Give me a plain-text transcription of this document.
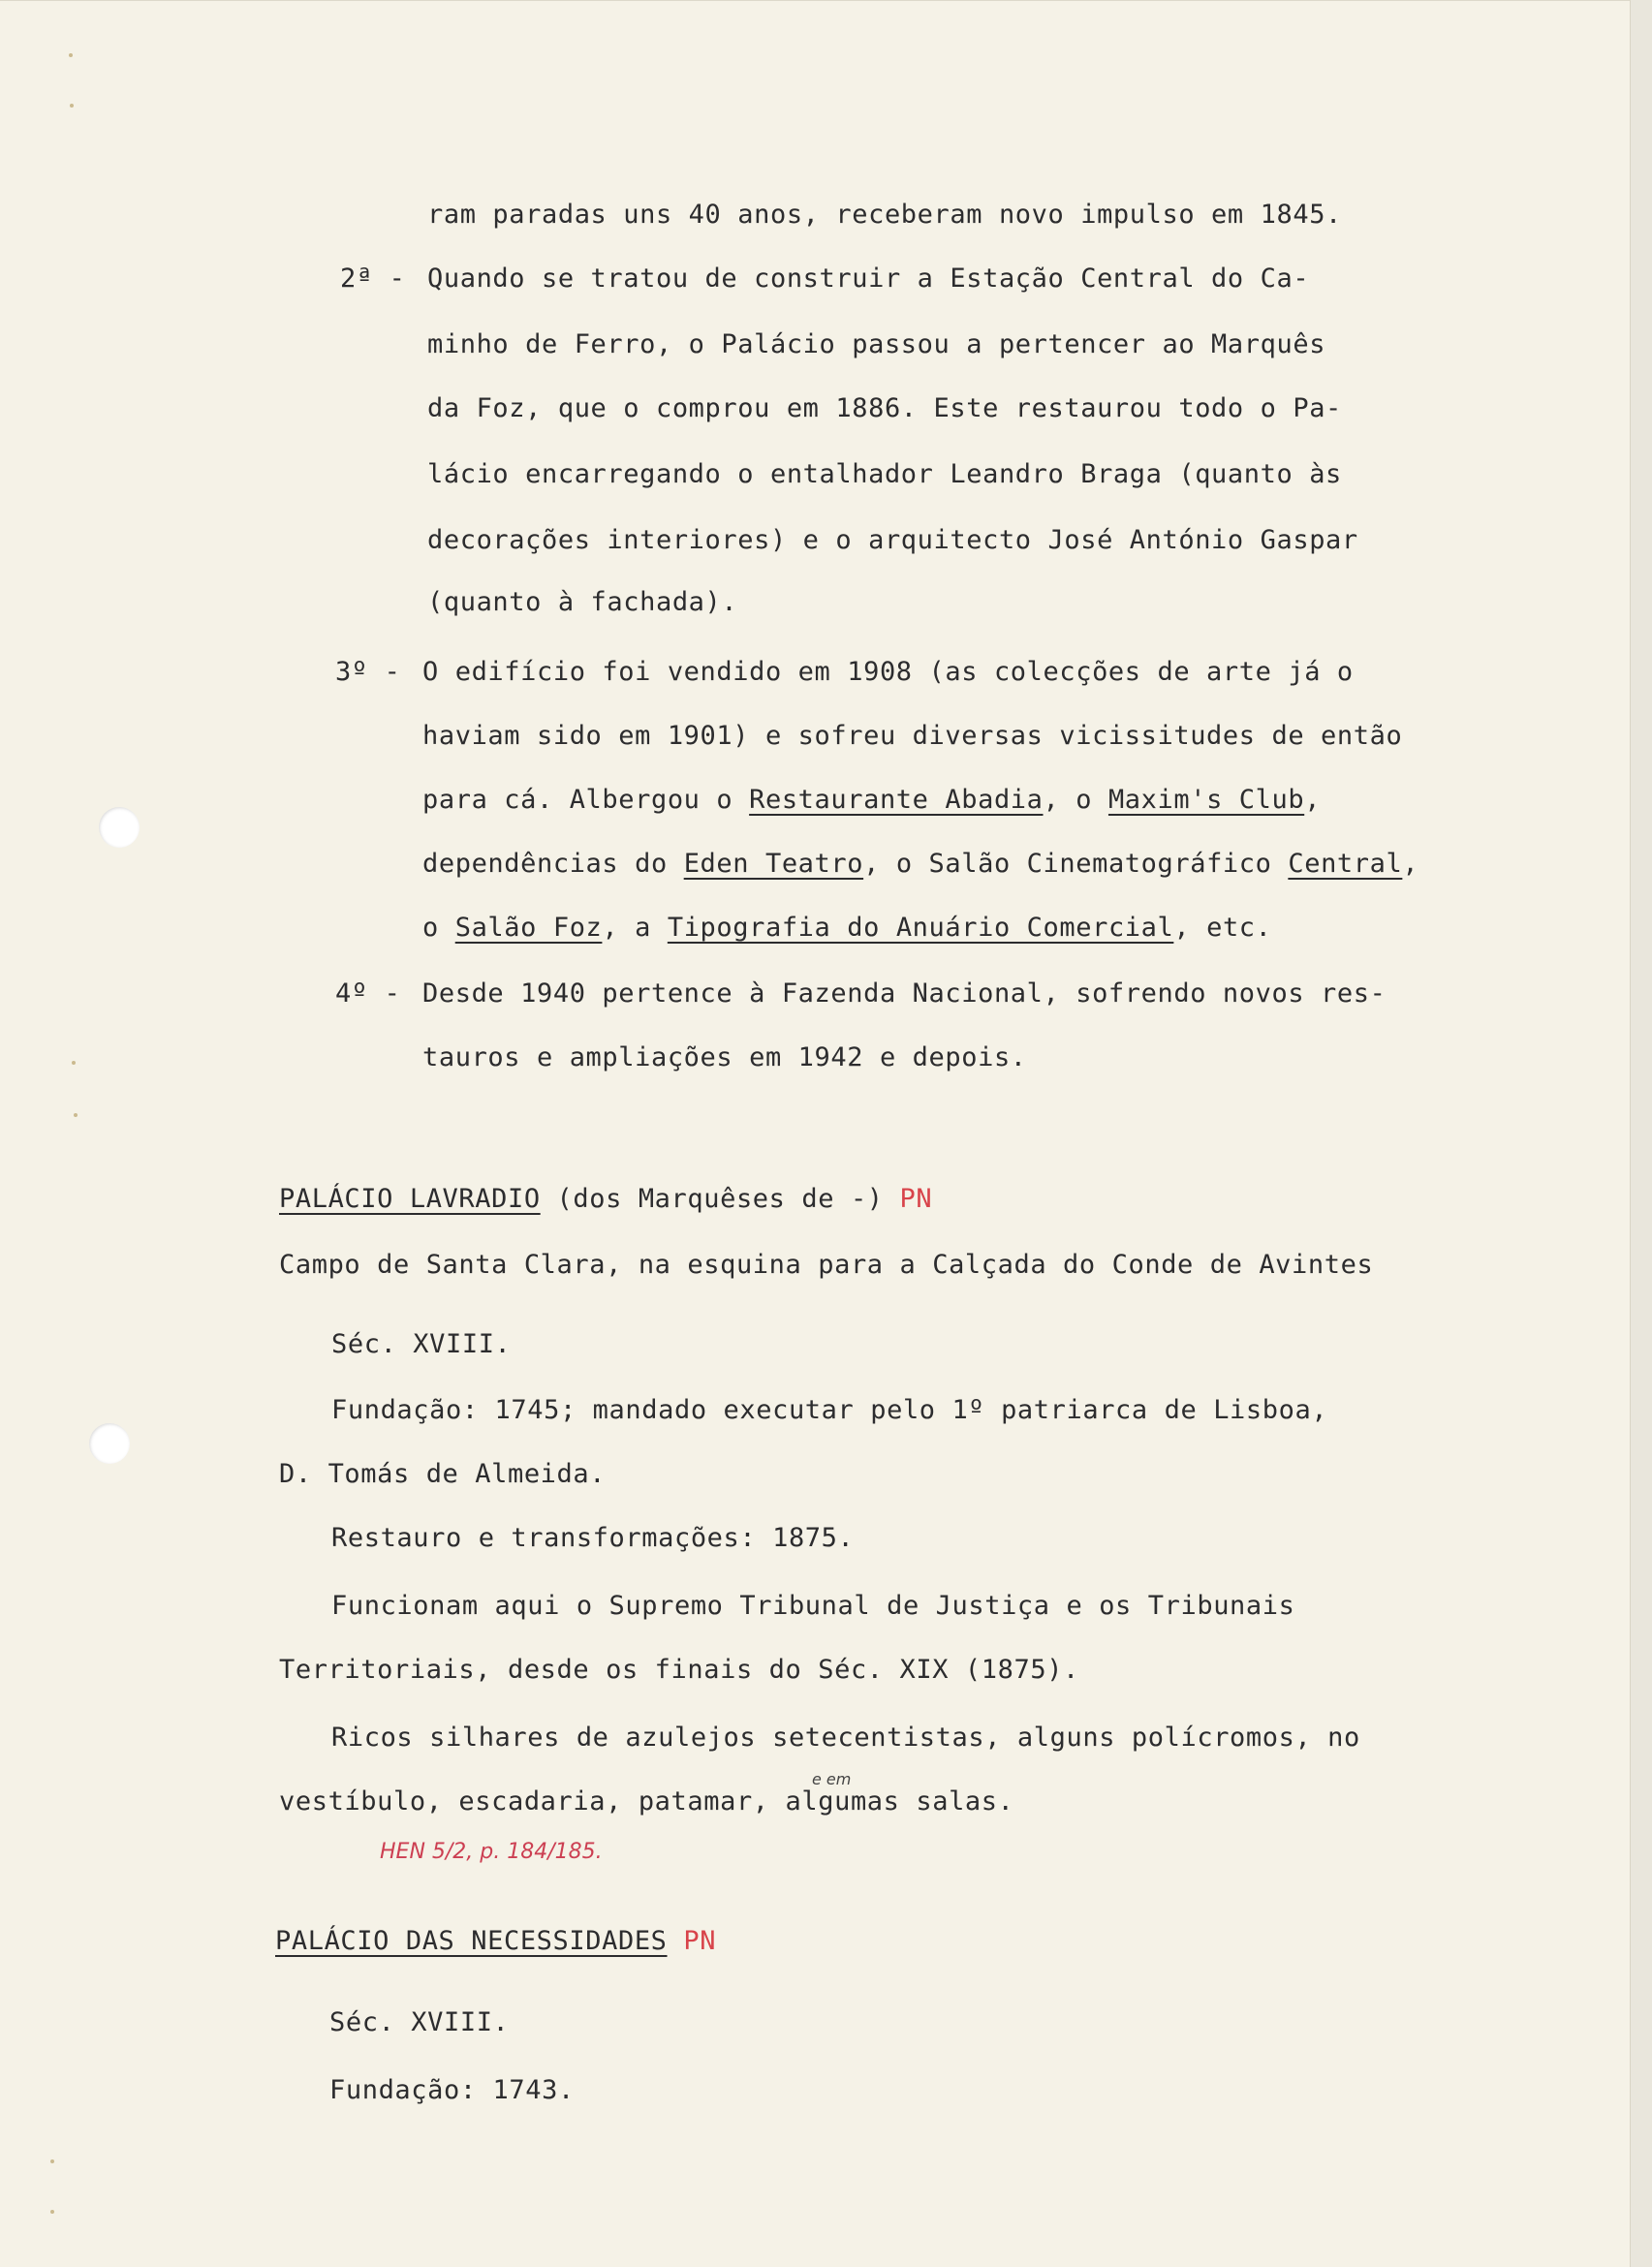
ram paradas uns 40 anos, receberam novo impulso em 1845.
2ª - Quando se tratou de construir a Estação Central do Ca-
minho de Ferro, o Palácio passou a pertencer ao Marquês
da Foz, que o comprou em 1886. Este restaurou todo o Pa-
lácio encarregando o entalhador Leandro Braga (quanto às
decorações interiores) e o arquitecto José António Gaspar
(quanto à fachada).
3º - O edifício foi vendido em 1908 (as colecções de arte já o
haviam sido em 1901) e sofreu diversas vicissitudes de então
para cá. Albergou o Restaurante Abadia, o Maxim's Club,
dependências do Eden Teatro, o Salão Cinematográfico Central,
o Salão Foz, a Tipografia do Anuário Comercial, etc.
4º - Desde 1940 pertence à Fazenda Nacional, sofrendo novos res-
tauros e ampliações em 1942 e depois.
PALÁCIO LAVRADIO (dos Marquêses de -) PN
Campo de Santa Clara, na esquina para a Calçada do Conde de Avintes
Séc. XVIII.
Fundação: 1745; mandado executar pelo 1º patriarca de Lisboa,
D. Tomás de Almeida.
Restauro e transformações: 1875.
Funcionam aqui o Supremo Tribunal de Justiça e os Tribunais
Territoriais, desde os finais do Séc. XIX (1875).
Ricos silhares de azulejos setecentistas, alguns polícromos, no
e em
vestíbulo, escadaria, patamar, algumas salas.
HEN 5/2, p. 184/185.
PALÁCIO DAS NECESSIDADES PN
Séc. XVIII.
Fundação: 1743.
